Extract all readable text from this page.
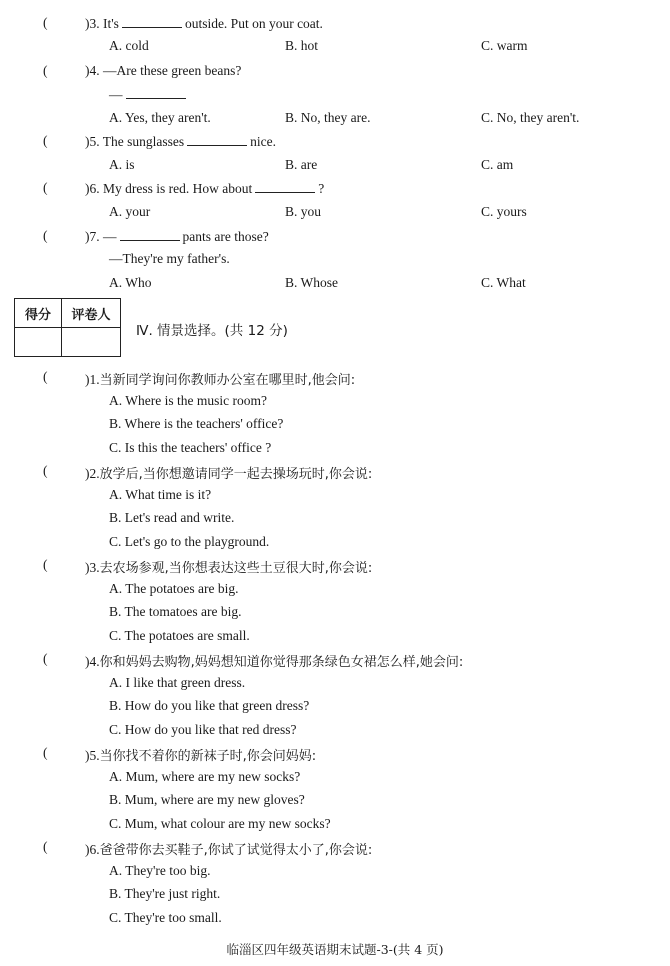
(	)3. It's	outside. Put on your coat.
A. cold	B. hot	C. warm
(	)4. —Are these green beans?
—
A. Yes, they aren't.	B. No, they are.	C. No, they aren't.
(	)5. The sunglasses	nice.
A. is	B. are	C. am
(	)6. My dress is red. How about	?
A. your	B. you	C. yours
(	)7. —	pants are those?
—They're my father's.
A. Who	B. Whose	C. What
得分	评卷人

Ⅳ. 情景选择。(共 12 分)
(	)1.当新同学询问你教师办公室在哪里时,他会问:
A. Where is the music room?
B. Where is the teachers' office?
C. Is this the teachers' office ?
(	)2.放学后,当你想邀请同学一起去操场玩时,你会说:
A. What time is it?
B. Let's read and write.
C. Let's go to the playground.
(	)3.去农场参观,当你想表达这些土豆很大时,你会说:
A. The potatoes are big.
B. The tomatoes are big.
C. The potatoes are small.
(	)4.你和妈妈去购物,妈妈想知道你觉得那条绿色女裙怎么样,她会问:
A. I like that green dress.
B. How do you like that green dress?
C. How do you like that red dress?
(	)5.当你找不着你的新袜子时,你会问妈妈:
A. Mum, where are my new socks?
B. Mum, where are my new gloves?
C. Mum, what colour are my new socks?
(	)6.爸爸带你去买鞋子,你试了试觉得太小了,你会说:
A. They're too big.
B. They're just right.
C. They're too small.
临淄区四年级英语期末试题-3-(共 4 页)
